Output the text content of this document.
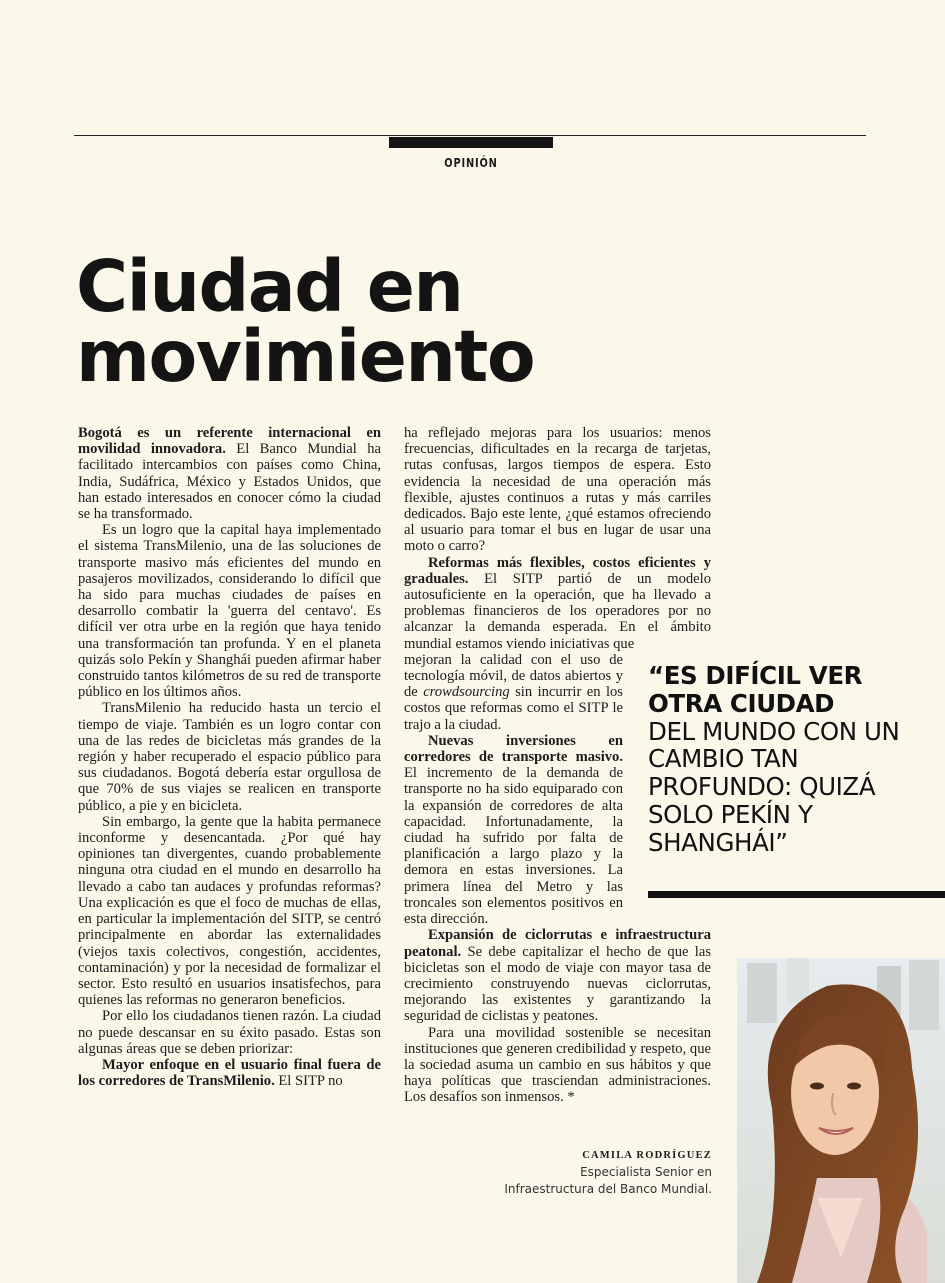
OPINIÓN
Ciudad en
movimiento

Bogotá es un referente internacional en movilidad innovadora. El Banco Mundial ha facilitado intercambios con países como China, India, Sudáfrica, México y Estados Unidos, que han estado interesados en conocer cómo la ciudad se ha transformado.

Es un logro que la capital haya implementado el sistema TransMilenio, una de las soluciones de transporte masivo más eficientes del mundo en pasajeros movilizados, considerando lo difícil que ha sido para muchas ciudades de países en desarrollo combatir la 'guerra del centavo'. Es difícil ver otra urbe en la región que haya tenido una transformación tan profunda. Y en el planeta quizás solo Pekín y Shanghái pueden afirmar haber construido tantos kilómetros de su red de transporte público en los últimos años.

TransMilenio ha reducido hasta un tercio el tiempo de viaje. También es un logro contar con una de las redes de bicicletas más grandes de la región y haber recuperado el espacio público para sus ciudadanos. Bogotá debería estar orgullosa de que 70% de sus viajes se realicen en transporte público, a pie y en bicicleta.

Sin embargo, la gente que la habita permanece inconforme y desencantada. ¿Por qué hay opiniones tan divergentes, cuando probablemente ninguna otra ciudad en el mundo en desarrollo ha llevado a cabo tan audaces y profundas reformas? Una explicación es que el foco de muchas de ellas, en particular la implementación del SITP, se centró principalmente en abordar las externalidades (viejos taxis colectivos, congestión, accidentes, contaminación) y por la necesidad de formalizar el sector. Esto resultó en usuarios insatisfechos, para quienes las reformas no generaron beneficios.

Por ello los ciudadanos tienen razón. La ciudad no puede descansar en su éxito pasado. Estas son algunas áreas que se deben priorizar:

Mayor enfoque en el usuario final fuera de los corredores de TransMilenio. El SITP no

ha reflejado mejoras para los usuarios: menos frecuencias, dificultades en la recarga de tarjetas, rutas confusas, largos tiempos de espera. Esto evidencia la necesidad de una operación más flexible, ajustes continuos a rutas y más carriles dedicados. Bajo este lente, ¿qué estamos ofreciendo al usuario para tomar el bus en lugar de usar una moto o carro?

Reformas más flexibles, costos eficientes y graduales. El SITP partió de un modelo autosuficiente en la operación, que ha llevado a problemas financieros de los operadores por no alcanzar la demanda esperada. En el ámbito mundial estamos viendo iniciativas que

mejoran la calidad con el uso de tecnología móvil, de datos abiertos y de crowdsourcing sin incurrir en los costos que reformas como el SITP le trajo a la ciudad.

Nuevas inversiones en corredores de transporte masivo. El incremento de la demanda de transporte no ha sido equiparado con la expansión de corredores de alta capacidad. Infortunadamente, la ciudad ha sufrido por falta de planificación a largo plazo y la demora en estas inversiones. La primera línea del Metro y las troncales son elementos positivos en esta dirección.

Expansión de ciclorrutas e infraestructura peatonal. Se debe capitalizar el hecho de que las bicicletas son el modo de viaje con mayor tasa de crecimiento construyendo nuevas ciclorrutas, mejorando las existentes y garantizando la seguridad de ciclistas y peatones.

Para una movilidad sostenible se necesitan instituciones que generen credibilidad y respeto, que la sociedad asuma un cambio en sus hábitos y que haya políticas que trasciendan administraciones. Los desafíos son inmensos. *

“ES DIFÍCIL VER OTRA CIUDAD
DEL MUNDO CON UN CAMBIO TAN PROFUNDO: QUIZÁ SOLO PEKÍN Y SHANGHÁI”
CAMILA RODRÍGUEZ
Especialista Senior en
Infraestructura del Banco Mundial.
